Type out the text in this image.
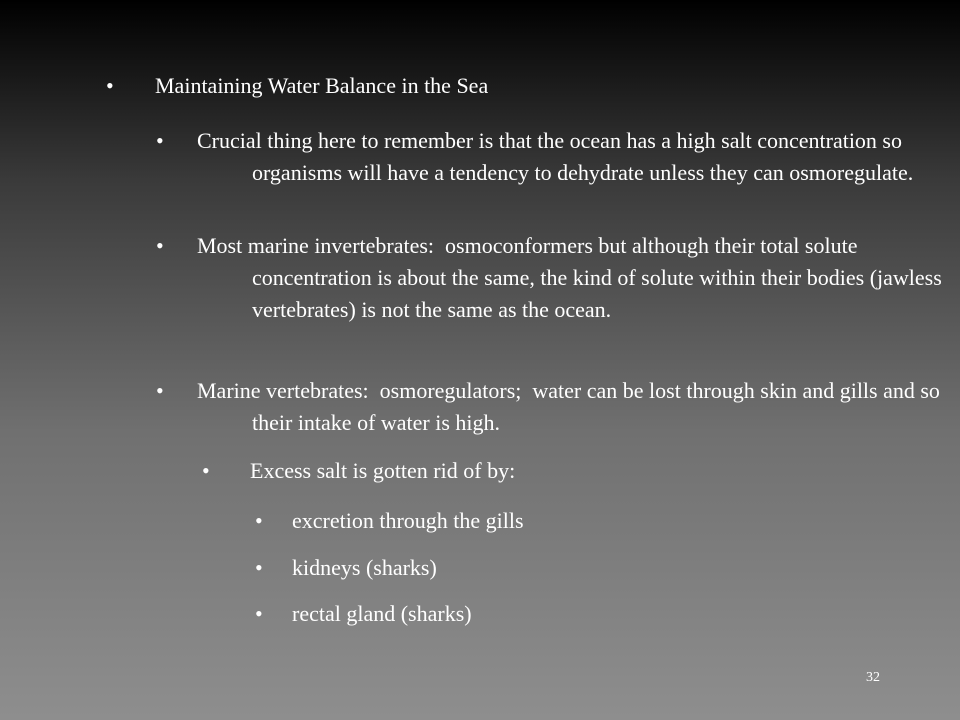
• Maintaining Water Balance in the Sea
• Crucial thing here to remember is that the ocean has a high salt concentration so organisms will have a tendency to dehydrate unless they can osmoregulate.
• Most marine invertebrates:  osmoconformers but although their total solute concentration is about the same, the kind of solute within their bodies (jawless vertebrates) is not the same as the ocean.
• Marine vertebrates:  osmoregulators;  water can be lost through skin and gills and so their intake of water is high.
• Excess salt is gotten rid of by:
• excretion through the gills
• kidneys (sharks)
• rectal gland (sharks)
32
